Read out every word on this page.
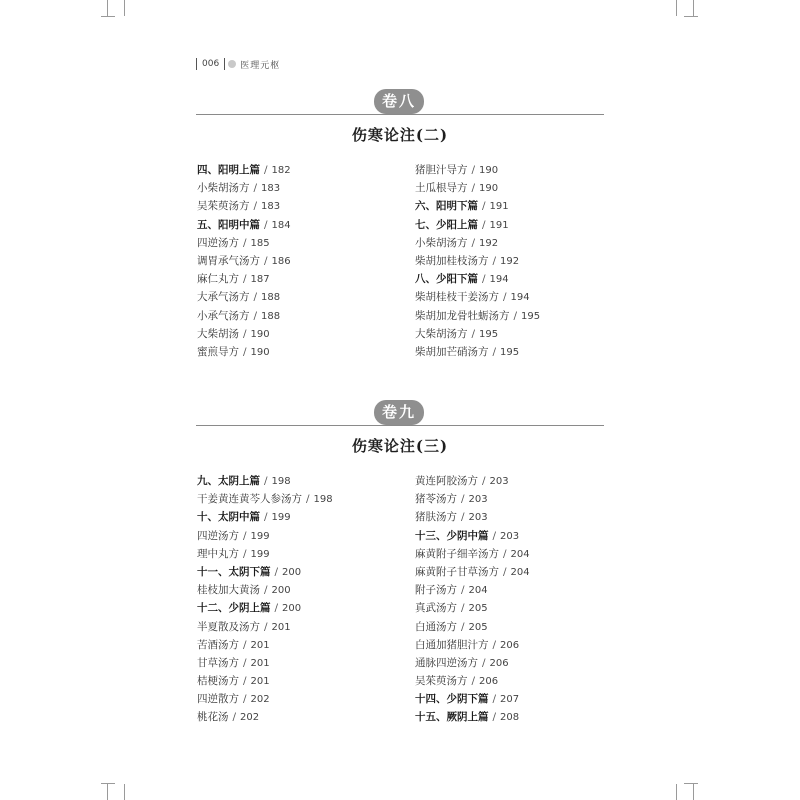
006 医理元枢
卷八
伤寒论注(二)
四、阳明上篇 / 182
小柴胡汤方 / 183
吴茱萸汤方 / 183
五、阳明中篇 / 184
四逆汤方 / 185
调胃承气汤方 / 186
麻仁丸方 / 187
大承气汤方 / 188
小承气汤方 / 188
大柴胡汤 / 190
蜜煎导方 / 190
猪胆汁导方 / 190
土瓜根导方 / 190
六、阳明下篇 / 191
七、少阳上篇 / 191
小柴胡汤方 / 192
柴胡加桂枝汤方 / 192
八、少阳下篇 / 194
柴胡桂枝干姜汤方 / 194
柴胡加龙骨牡蛎汤方 / 195
大柴胡汤方 / 195
柴胡加芒硝汤方 / 195
卷九
伤寒论注(三)
九、太阴上篇 / 198
干姜黄连黄芩人参汤方 / 198
十、太阴中篇 / 199
四逆汤方 / 199
理中丸方 / 199
十一、太阴下篇 / 200
桂枝加大黄汤 / 200
十二、少阴上篇 / 200
半夏散及汤方 / 201
苦酒汤方 / 201
甘草汤方 / 201
桔梗汤方 / 201
四逆散方 / 202
桃花汤 / 202
黄连阿胶汤方 / 203
猪苓汤方 / 203
猪肤汤方 / 203
十三、少阴中篇 / 203
麻黄附子细辛汤方 / 204
麻黄附子甘草汤方 / 204
附子汤方 / 204
真武汤方 / 205
白通汤方 / 205
白通加猪胆汁方 / 206
通脉四逆汤方 / 206
吴茱萸汤方 / 206
十四、少阴下篇 / 207
十五、厥阴上篇 / 208
